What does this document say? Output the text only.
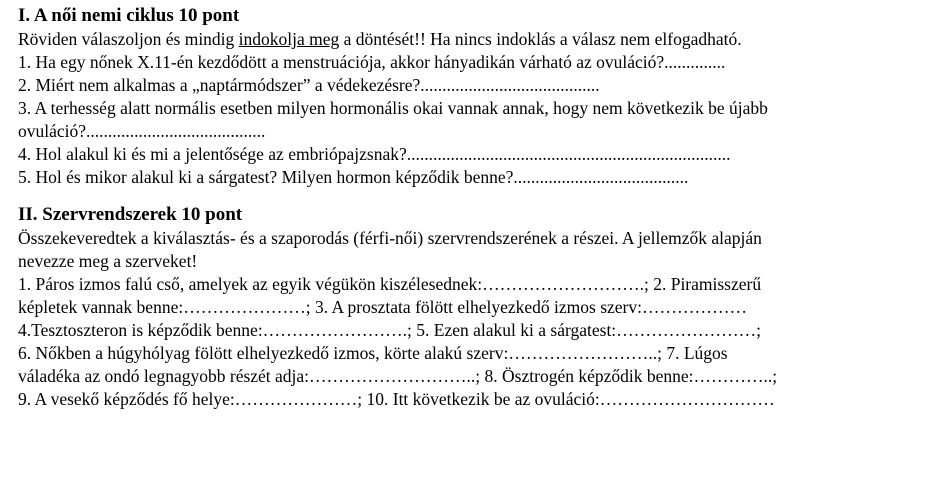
I. A női nemi ciklus 10 pont
Röviden válaszoljon és mindig indokolja meg a döntését!! Ha nincs indoklás a válasz nem elfogadható.
1. Ha egy nőnek X.11-én kezdődött a menstruációja, akkor hányadikán várható az ovuláció?..............
2. Miért nem alkalmas a „naptármódszer” a védekezésre?.........................................
3. A terhesség alatt normális esetben milyen hormonális okai vannak annak, hogy nem következik be újabb
ovuláció?.........................................
4. Hol alakul ki és mi a jelentősége az embriópajzsnak?..........................................................................
5. Hol és mikor alakul ki a sárgatest? Milyen hormon képződik benne?........................................
II. Szervrendszerek 10 pont
Összekeveredtek a kiválasztás- és a szaporodás (férfi-női) szervrendszerének a részei. A jellemzők alapján
nevezze meg a szerveket!
1. Páros izmos falú cső, amelyek az egyik végükön kiszélesednek:……………………….; 2. Piramisszerű
képletek vannak benne:…………………; 3. A prosztata fölött elhelyezkedő izmos szerv:………………
4.Tesztoszteron is képződik benne:…………………….; 5. Ezen alakul ki a sárgatest:……………………;
6. Nőkben a húgyhólyag fölött elhelyezkedő izmos, körte alakú szerv:……………………..; 7. Lúgos
váladéka az ondó legnagyobb részét adja:………………………..; 8. Ösztrogén képződik benne:…………..;
9. A vesekő képződés fő helye:…………………; 10. Itt következik be az ovuláció:…………………………
